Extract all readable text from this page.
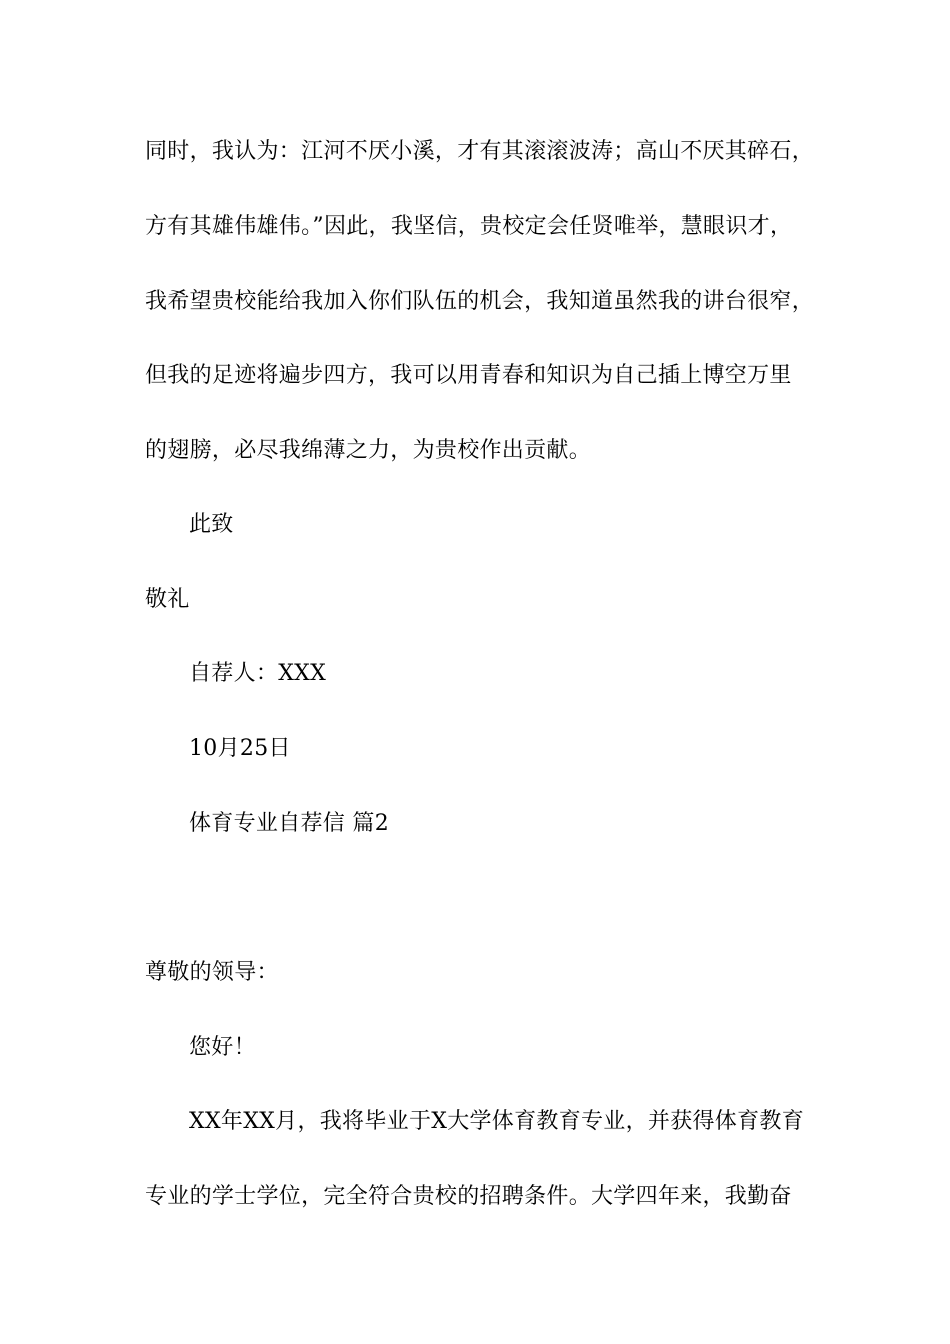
同时，我认为：江河不厌小溪，才有其滚滚波涛；高山不厌其碎石，
方有其雄伟雄伟。”因此，我坚信，贵校定会任贤唯举，慧眼识才，
我希望贵校能给我加入你们队伍的机会，我知道虽然我的讲台很窄，
但我的足迹将遍步四方，我可以用青春和知识为自己插上博空万里
的翅膀，必尽我绵薄之力，为贵校作出贡献。
此致
敬礼
自荐人：XXX
10月25日
体育专业自荐信 篇2
尊敬的领导：
您好！
XX年XX月，我将毕业于X大学体育教育专业，并获得体育教育
专业的学士学位，完全符合贵校的招聘条件。大学四年来，我勤奋
